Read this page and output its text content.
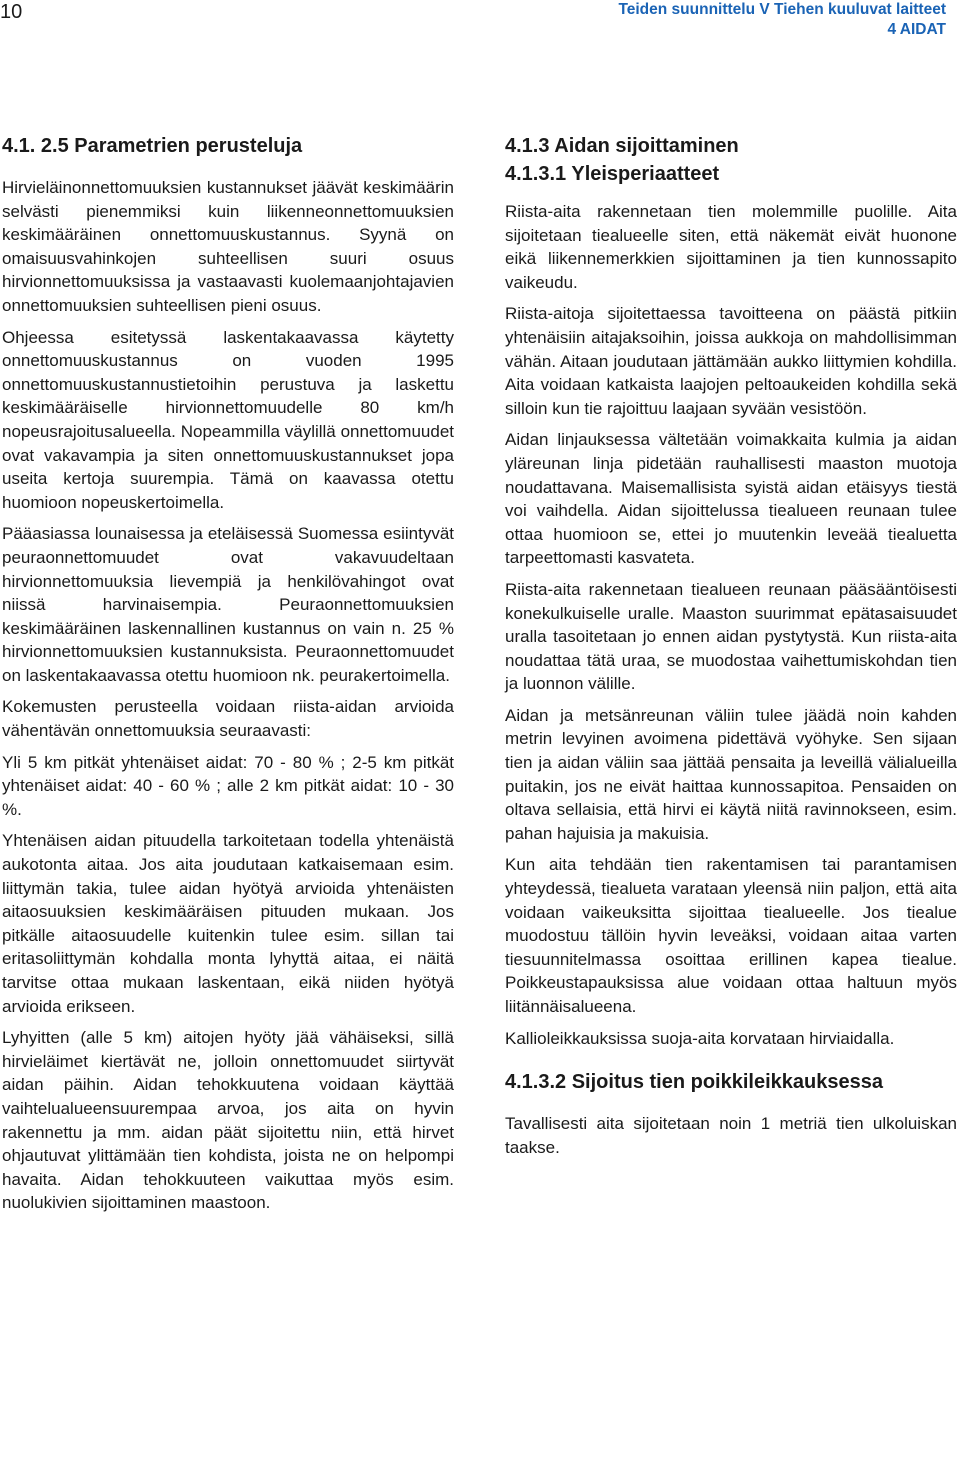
10	Teiden suunnittelu V Tiehen kuuluvat laitteet
4 AIDAT
4.1. 2.5 Parametrien perusteluja

Hirvieläinonnettomuuksien kustannukset jäävät keskimäärin selvästi pienemmiksi kuin liikenneonnettomuuksien keskimääräinen onnettomuuskustannus. Syynä on omaisuusvahinkojen suhteellisen suuri osuus hirvionnettomuuksissa ja vastaavasti kuolemaanjohtajavien onnettomuuksien suhteellisen pieni osuus.

Ohjeessa esitetyssä laskentakaavassa käytetty onnettomuuskustannus on vuoden 1995 onnettomuuskustannustietoihin perustuva ja laskettu keskimääräiselle hirvionnettomuudelle 80 km/h nopeusrajoitusalueella. Nopeammilla väylillä onnettomuudet ovat vakavampia ja siten onnettomuuskustannukset jopa useita kertoja suurempia. Tämä on kaavassa otettu huomioon nopeuskertoimella.

Pääasiassa lounaisessa ja eteläisessä Suomessa esiintyvät peuraonnettomuudet ovat vakavuudeltaan hirvionnettomuuksia lievempiä ja henkilövahingot ovat niissä harvinaisempia. Peuraonnettomuuksien keskimääräinen laskennallinen kustannus on vain n. 25 % hirvionnettomuuksien kustannuksista. Peuraonnettomuudet on laskentakaavassa otettu huomioon nk. peurakertoimella.

Kokemusten perusteella voidaan riista-aidan arvioida vähentävän onnettomuuksia seuraavasti:

Yli 5 km pitkät yhtenäiset aidat: 70 - 80 % ; 2-5 km pitkät yhtenäiset aidat: 40 - 60 % ; alle 2 km pitkät aidat: 10 - 30 %.

Yhtenäisen aidan pituudella tarkoitetaan todella yhtenäistä aukotonta aitaa. Jos aita joudutaan katkaisemaan esim. liittymän takia, tulee aidan hyötyä arvioida yhtenäisten aitaosuuksien keskimääräisen pituuden mukaan. Jos pitkälle aitaosuudelle kuitenkin tulee esim. sillan tai eritasoliittymän kohdalla monta lyhyttä aitaa, ei näitä tarvitse ottaa mukaan laskentaan, eikä niiden hyötyä arvioida erikseen.

Lyhyitten (alle 5 km) aitojen hyöty jää vähäiseksi, sillä hirvieläimet kiertävät ne, jolloin onnettomuudet siirtyvät aidan päihin. Aidan tehokkuutena voidaan käyttää vaihtelualueensuurempaa arvoa, jos aita on hyvin rakennettu ja mm. aidan päät sijoitettu niin, että hirvet ohjautuvat ylittämään tien kohdista, joista ne on helpompi havaita. Aidan tehokkuuteen vaikuttaa myös esim. nuolukivien sijoittaminen maastoon.

4.1.3 Aidan sijoittaminen
4.1.3.1 Yleisperiaatteet

Riista-aita rakennetaan tien molemmille puolille. Aita sijoitetaan tiealueelle siten, että näkemät eivät huonone eikä liikennemerkkien sijoittaminen ja tien kunnossapito vaikeudu.

Riista-aitoja sijoitettaessa tavoitteena on päästä pitkiin yhtenäisiin aitajaksoihin, joissa aukkoja on mahdollisimman vähän. Aitaan joudutaan jättämään aukko liittymien kohdilla. Aita voidaan katkaista laajojen peltoaukeiden kohdilla sekä silloin kun tie rajoittuu laajaan syvään vesistöön.

Aidan linjauksessa vältetään voimakkaita kulmia ja aidan yläreunan linja pidetään rauhallisesti maaston muotoja noudattavana. Maisemallisista syistä aidan etäisyys tiestä voi vaihdella. Aidan sijoittelussa tiealueen reunaan tulee ottaa huomioon se, ettei jo muutenkin leveää tiealuetta tarpeettomasti kasvateta.

Riista-aita rakennetaan tiealueen reunaan pääsääntöisesti konekulkuiselle uralle. Maaston suurimmat epätasaisuudet uralla tasoitetaan jo ennen aidan pystytystä. Kun riista-aita noudattaa tätä uraa, se muodostaa vaihettumiskohdan tien ja luonnon välille.

Aidan ja metsänreunan väliin tulee jäädä noin kahden metrin levyinen avoimena pidettävä vyöhyke. Sen sijaan tien ja aidan väliin saa jättää pensaita ja leveillä välialueilla puitakin, jos ne eivät haittaa kunnossapitoa. Pensaiden on oltava sellaisia, että hirvi ei käytä niitä ravinnokseen, esim. pahan hajuisia ja makuisia.

Kun aita tehdään tien rakentamisen tai parantamisen yhteydessä, tiealueta varataan yleensä niin paljon, että aita voidaan vaikeuksitta sijoittaa tiealueelle. Jos tiealue muodostuu tällöin hyvin leveäksi, voidaan aitaa varten tiesuunnitelmassa osoittaa erillinen kapea tiealue. Poikkeustapauksissa alue voidaan ottaa haltuun myös liitännäisalueena.

Kallioleikkauksissa suoja-aita korvataan hirviaidalla.

4.1.3.2 Sijoitus tien poikkileikkauksessa

Tavallisesti aita sijoitetaan noin 1 metriä tien ulkoluiskan taakse.
